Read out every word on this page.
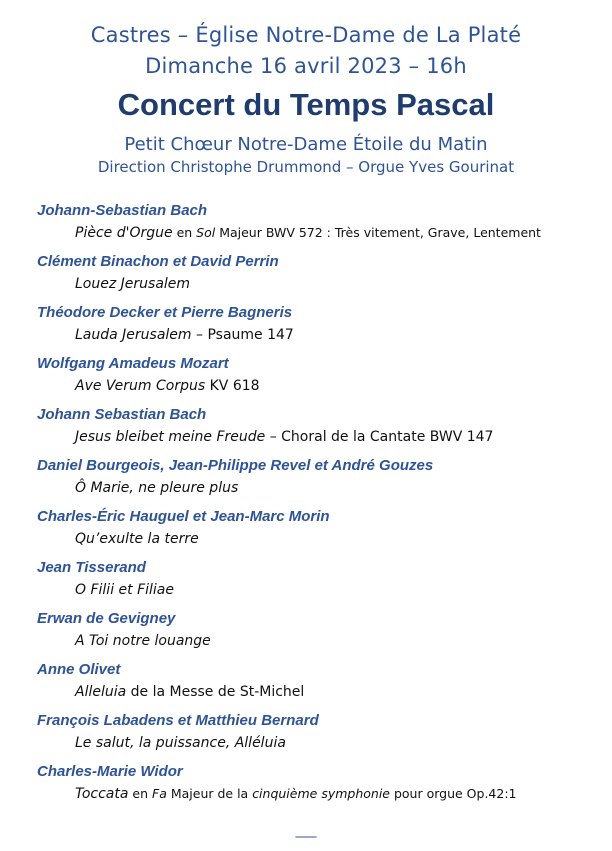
Castres – Église Notre-Dame de La Platé
Dimanche 16 avril 2023 – 16h
Concert du Temps Pascal
Petit Chœur Notre-Dame Étoile du Matin
Direction Christophe Drummond – Orgue Yves Gourinat
Johann-Sebastian Bach
Pièce d'Orgue en Sol Majeur BWV 572 : Très vitement, Grave, Lentement
Clément Binachon et David Perrin
Louez Jerusalem
Théodore Decker et Pierre Bagneris
Lauda Jerusalem – Psaume 147
Wolfgang Amadeus Mozart
Ave Verum Corpus KV 618
Johann Sebastian Bach
Jesus bleibet meine Freude – Choral de la Cantate BWV 147
Daniel Bourgeois, Jean-Philippe Revel et André Gouzes
Ô Marie, ne pleure plus
Charles-Éric Hauguel et Jean-Marc Morin
Qu’exulte la terre
Jean Tisserand
O Filii et Filiae
Erwan de Gevigney
A Toi notre louange
Anne Olivet
Alleluia de la Messe de St-Michel
François Labadens et Matthieu Bernard
Le salut, la puissance, Alléluia
Charles-Marie Widor
Toccata en Fa Majeur de la cinquième symphonie pour orgue Op.42:1
___
